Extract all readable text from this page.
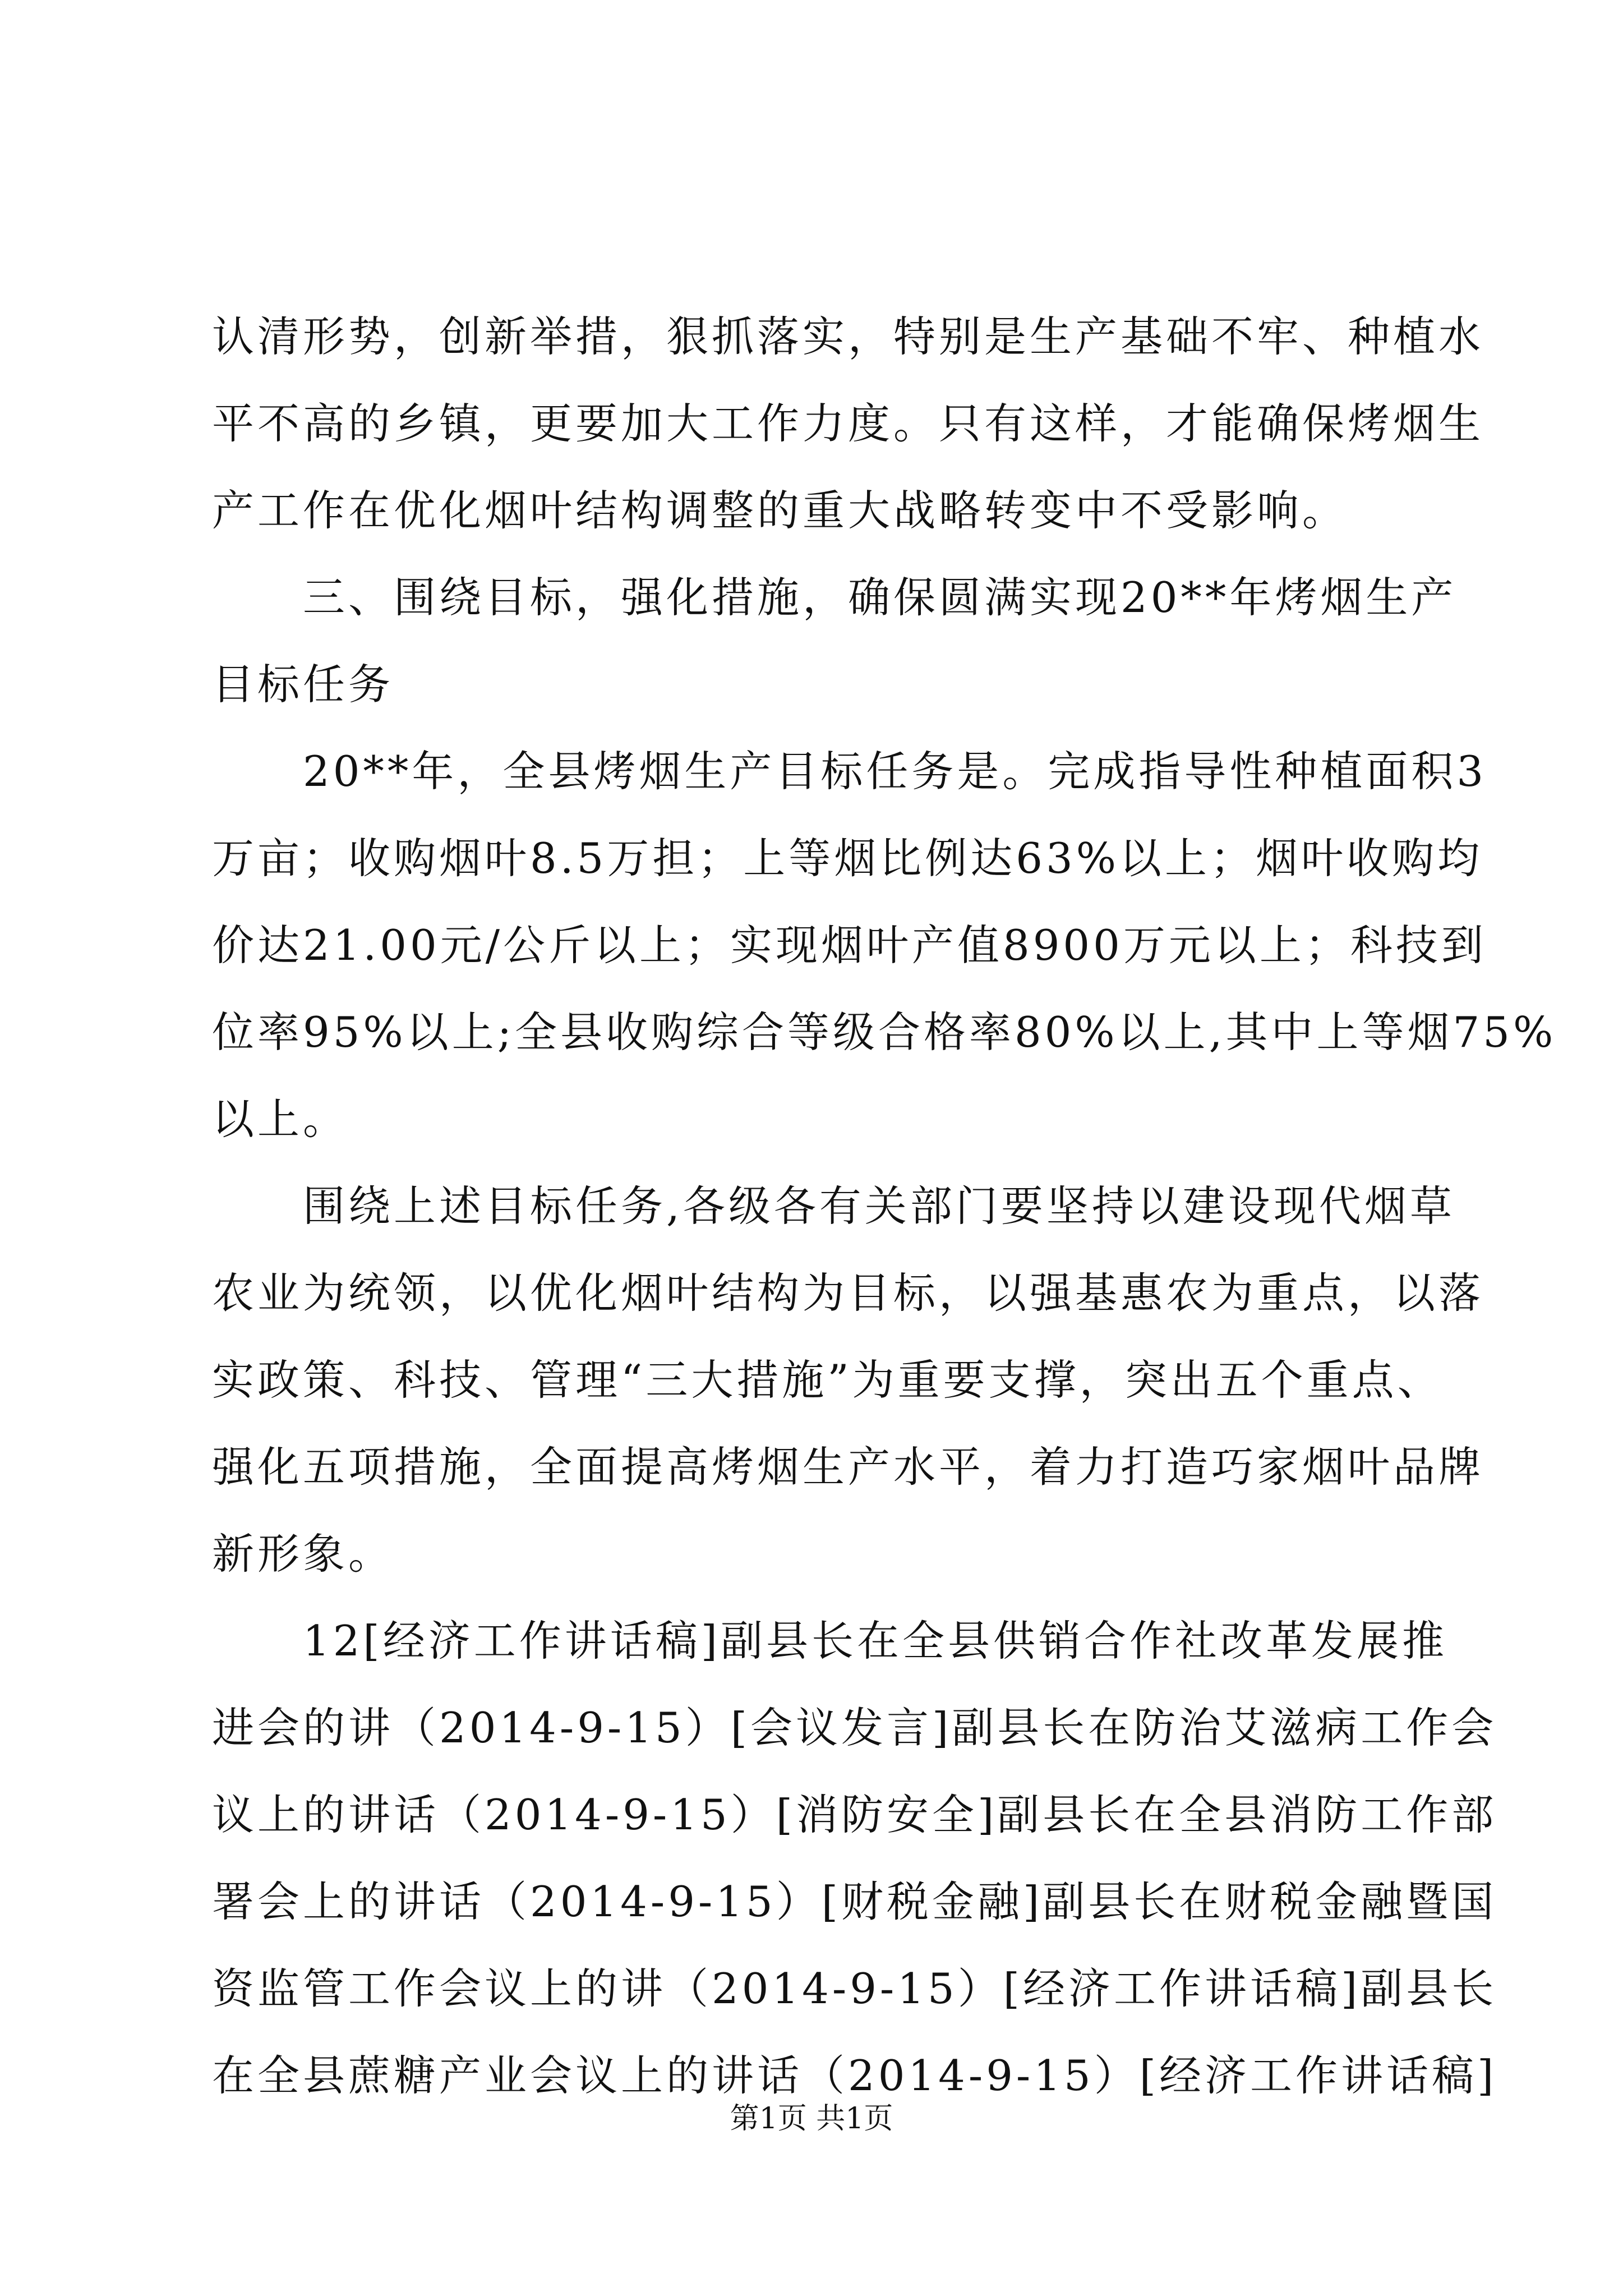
认清形势，创新举措，狠抓落实，特别是生产基础不牢、种植水
平不高的乡镇，更要加大工作力度。只有这样，才能确保烤烟生
产工作在优化烟叶结构调整的重大战略转变中不受影响。
　　三、围绕目标，强化措施，确保圆满实现20**年烤烟生产
目标任务
　　20**年，全县烤烟生产目标任务是。完成指导性种植面积3
万亩；收购烟叶8.5万担；上等烟比例达63%以上；烟叶收购均
价达21.00元/公斤以上；实现烟叶产值8900万元以上；科技到
位率95%以上;全县收购综合等级合格率80%以上,其中上等烟75%
以上。
　　围绕上述目标任务,各级各有关部门要坚持以建设现代烟草
农业为统领，以优化烟叶结构为目标，以强基惠农为重点，以落
实政策、科技、管理“三大措施”为重要支撑，突出五个重点、
强化五项措施，全面提高烤烟生产水平，着力打造巧家烟叶品牌
新形象。
　　12[经济工作讲话稿]副县长在全县供销合作社改革发展推
进会的讲（2014-9-15）[会议发言]副县长在防治艾滋病工作会
议上的讲话（2014-9-15）[消防安全]副县长在全县消防工作部
署会上的讲话（2014-9-15）[财税金融]副县长在财税金融暨国
资监管工作会议上的讲（2014-9-15）[经济工作讲话稿]副县长
在全县蔗糖产业会议上的讲话（2014-9-15）[经济工作讲话稿]
第1页 共1页
